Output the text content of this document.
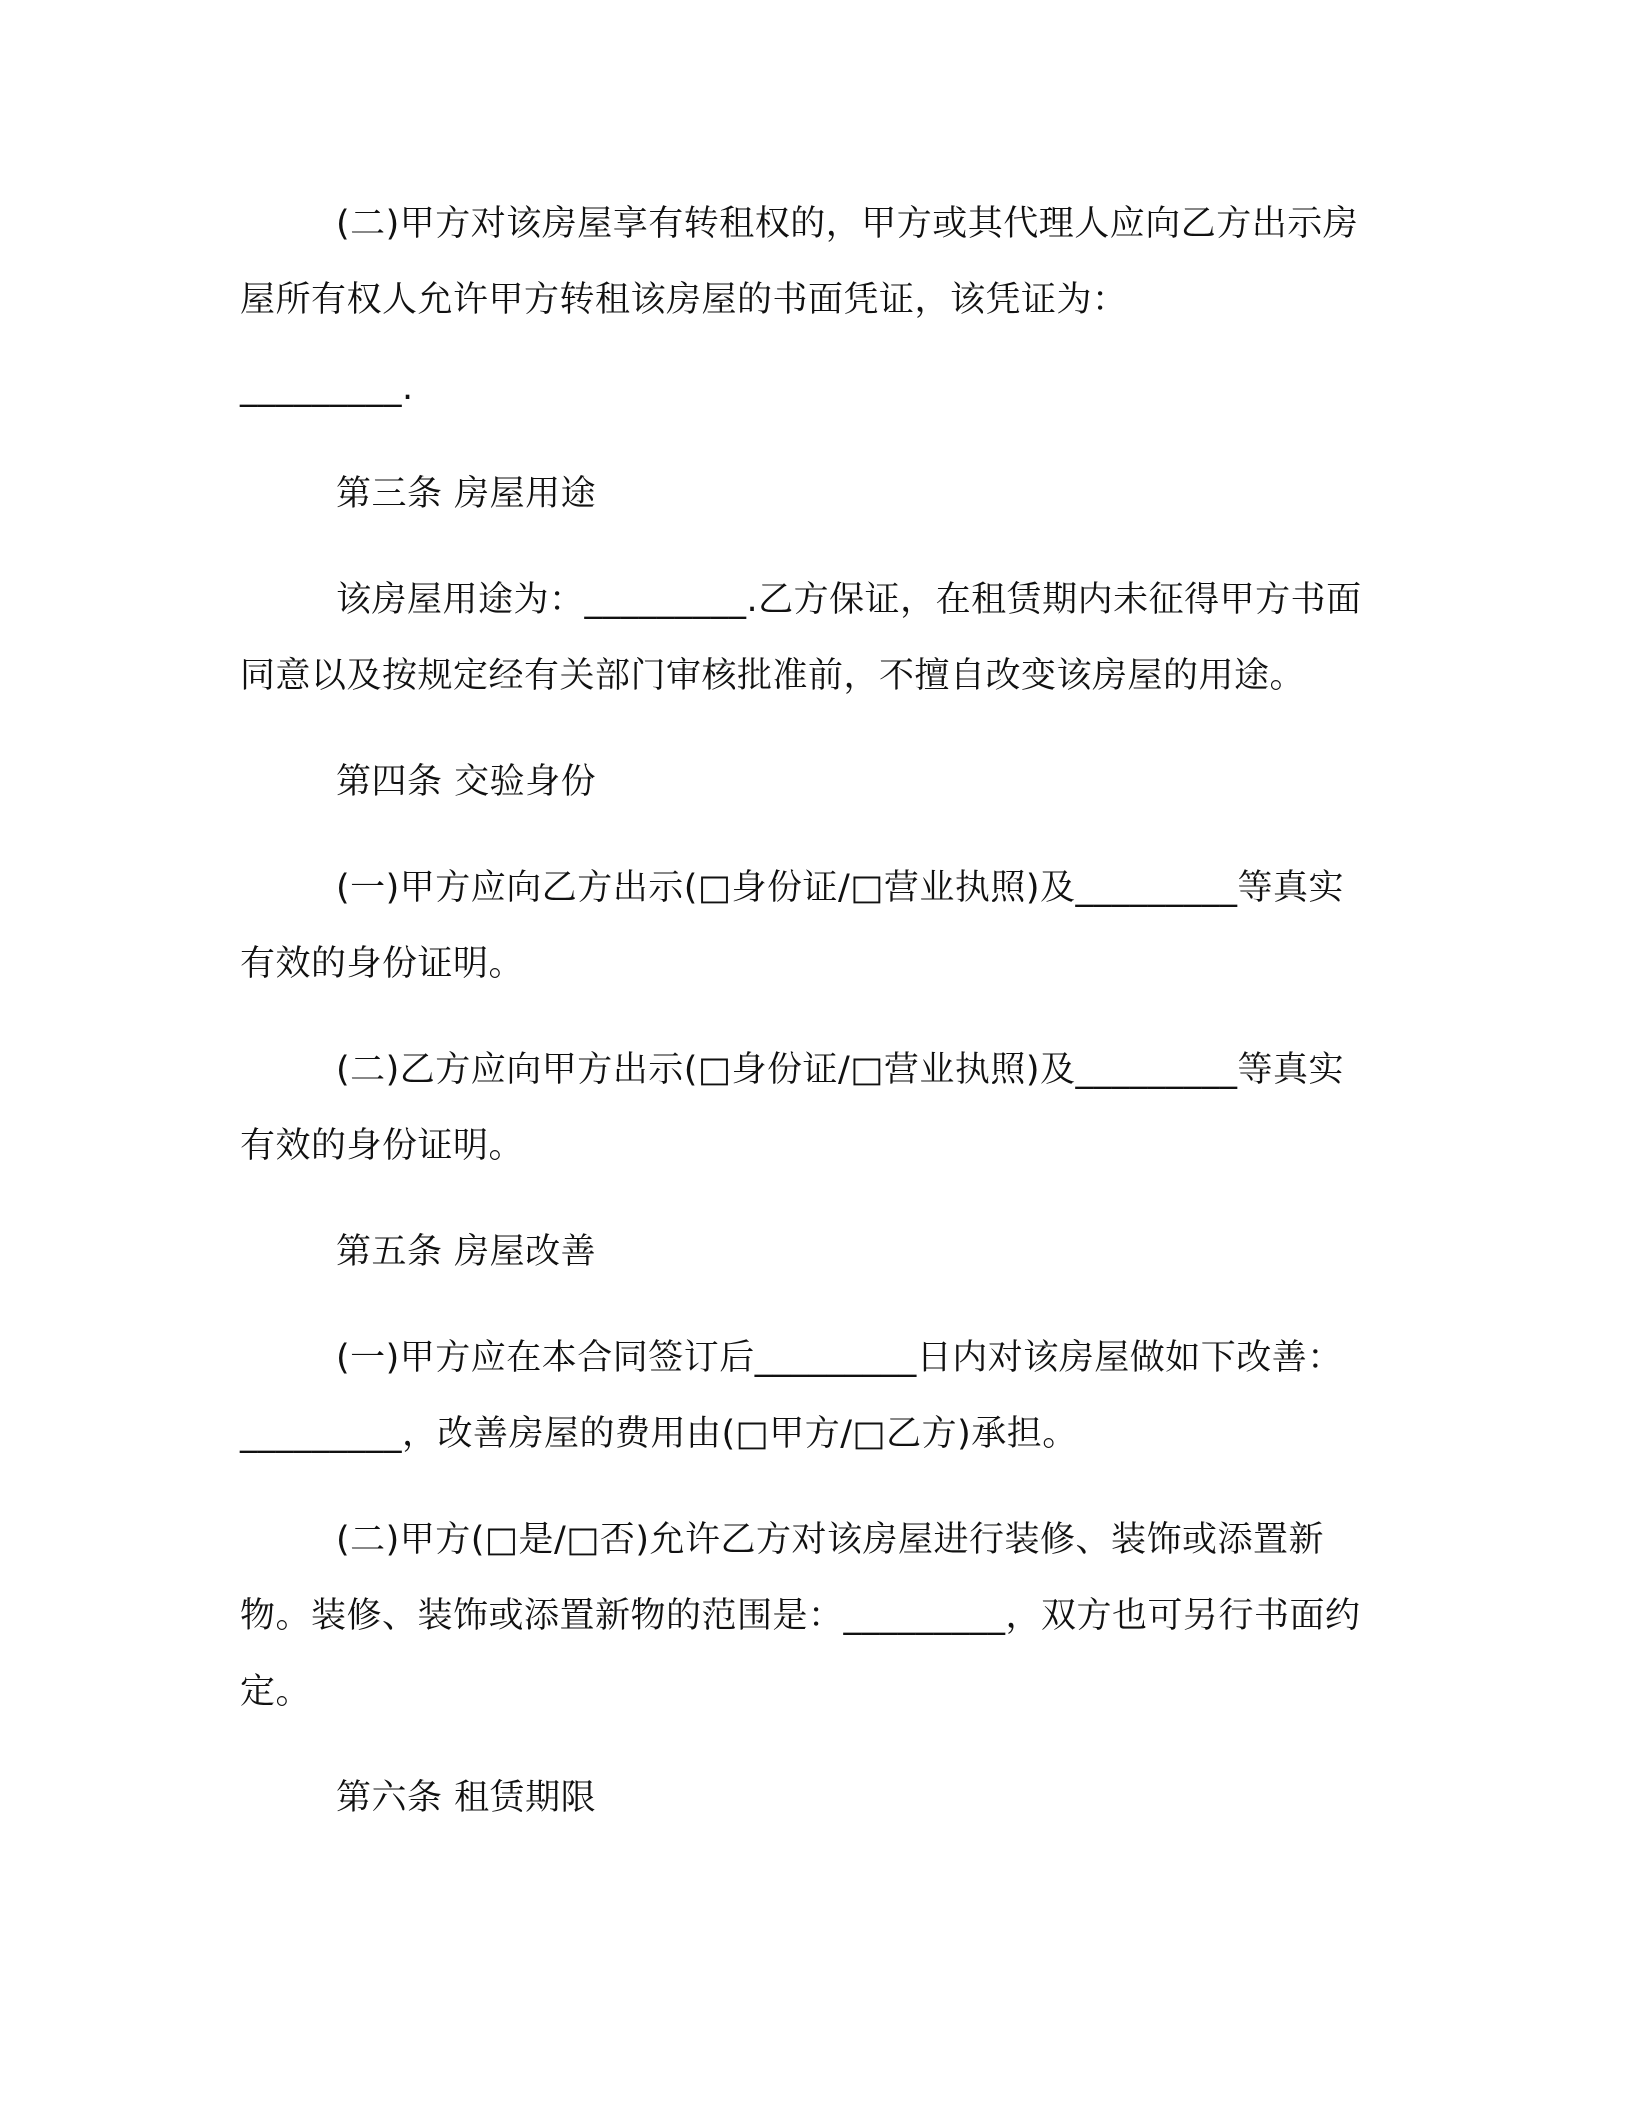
(二)甲方对该房屋享有转租权的，甲方或其代理人应向乙方出示房屋所有权人允许甲方转租该房屋的书面凭证，该凭证为：

_________.

第三条 房屋用途

该房屋用途为：_________.乙方保证，在租赁期内未征得甲方书面同意以及按规定经有关部门审核批准前，不擅自改变该房屋的用途。

第四条 交验身份

(一)甲方应向乙方出示(□身份证/□营业执照)及_________等真实有效的身份证明。

(二)乙方应向甲方出示(□身份证/□营业执照)及_________等真实有效的身份证明。

第五条 房屋改善

(一)甲方应在本合同签订后_________日内对该房屋做如下改善：_________，改善房屋的费用由(□甲方/□乙方)承担。

(二)甲方(□是/□否)允许乙方对该房屋进行装修、装饰或添置新物。装修、装饰或添置新物的范围是：_________，双方也可另行书面约定。

第六条 租赁期限
